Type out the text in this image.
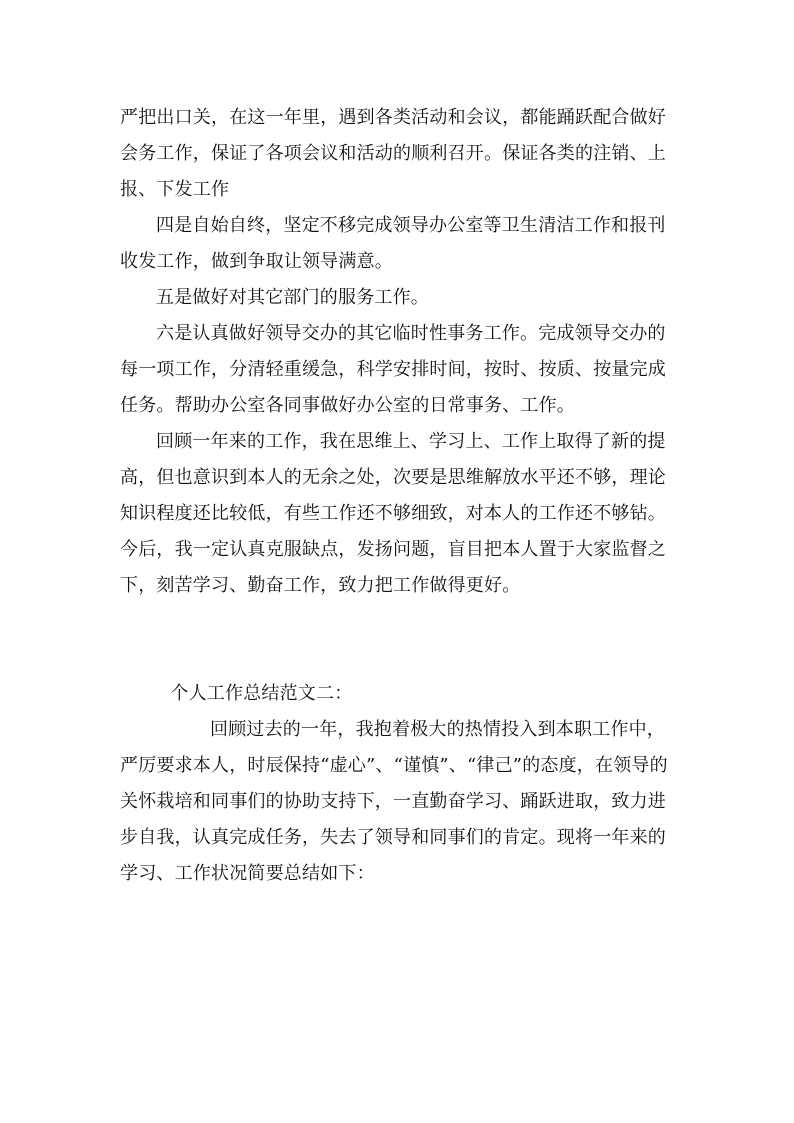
严把出口关，在这一年里，遇到各类活动和会议，都能踊跃配合做好会务工作，保证了各项会议和活动的顺利召开。保证各类的注销、上报、下发工作

四是自始自终，坚定不移完成领导办公室等卫生清洁工作和报刊收发工作，做到争取让领导满意。

五是做好对其它部门的服务工作。

六是认真做好领导交办的其它临时性事务工作。完成领导交办的每一项工作，分清轻重缓急，科学安排时间，按时、按质、按量完成任务。帮助办公室各同事做好办公室的日常事务、工作。

回顾一年来的工作，我在思维上、学习上、工作上取得了新的提高，但也意识到本人的无余之处，次要是思维解放水平还不够，理论知识程度还比较低，有些工作还不够细致，对本人的工作还不够钻。今后，我一定认真克服缺点，发扬问题，盲目把本人置于大家监督之下，刻苦学习、勤奋工作，致力把工作做得更好。

个人工作总结范文二：

回顾过去的一年，我抱着极大的热情投入到本职工作中，严厉要求本人，时辰保持“虚心”、“谨慎”、“律己”的态度，在领导的关怀栽培和同事们的协助支持下，一直勤奋学习、踊跃进取，致力进步自我，认真完成任务，失去了领导和同事们的肯定。现将一年来的学习、工作状况简要总结如下：
